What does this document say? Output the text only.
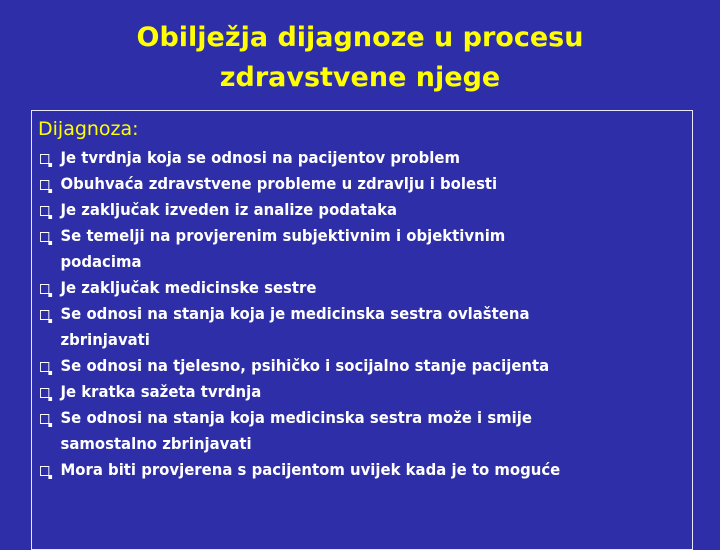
Obilježja dijagnoze u procesu
zdravstvene njege
Dijagnoza:
Je tvrdnja koja se odnosi na pacijentov problem
Obuhvaća zdravstvene probleme u zdravlju i bolesti
Je zaključak izveden iz analize podataka
Se temelji na provjerenim subjektivnim i objektivnim
podacima
Je zaključak medicinske sestre
Se odnosi na stanja koja je medicinska sestra ovlaštena
zbrinjavati
Se odnosi na tjelesno, psihičko i socijalno stanje pacijenta
Je kratka sažeta tvrdnja
Se odnosi na stanja koja medicinska sestra može i smije
samostalno zbrinjavati
Mora biti provjerena s pacijentom uvijek kada je to moguće
